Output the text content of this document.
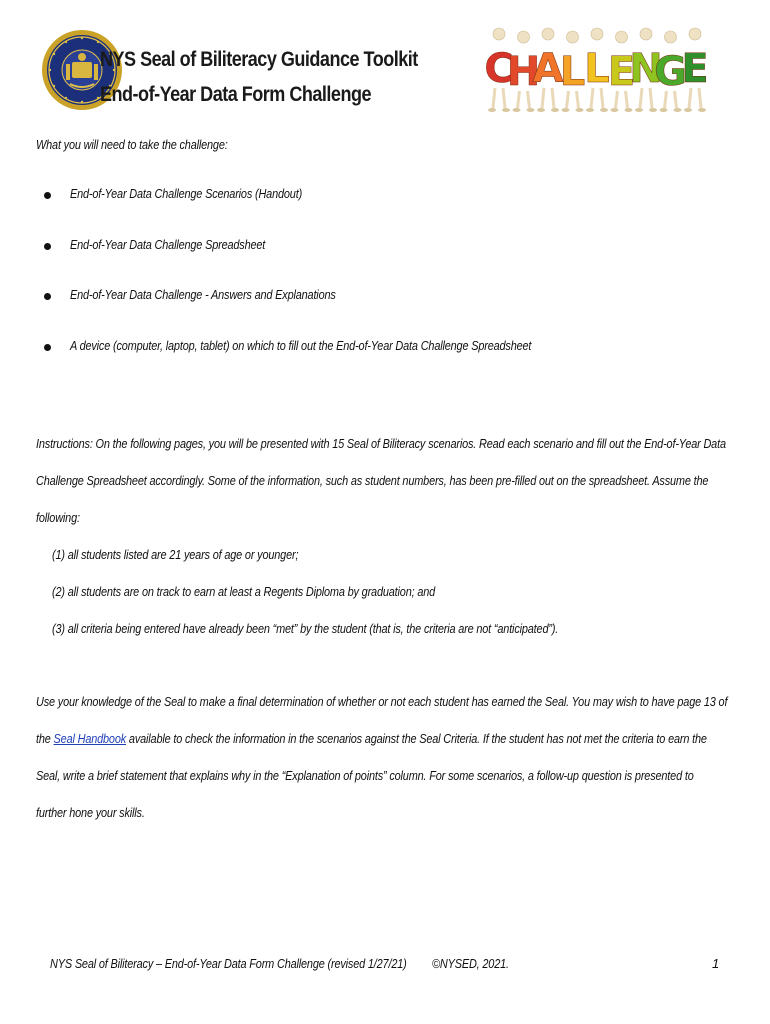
NYS Seal of Biliteracy Guidance Toolkit
End-of-Year Data Form Challenge
C
H
A
L L
E
N
G
E
What you will need to take the challenge:
End-of-Year Data Challenge Scenarios (Handout)
End-of-Year Data Challenge Spreadsheet
End-of-Year Data Challenge - Answers and Explanations
A device (computer, laptop, tablet) on which to fill out the End-of-Year Data Challenge Spreadsheet
Instructions: On the following pages, you will be presented with 15 Seal of Biliteracy scenarios. Read each scenario and fill out the End-of-Year Data
Challenge Spreadsheet accordingly. Some of the information, such as student numbers, has been pre-filled out on the spreadsheet. Assume the
following:
(1) all students listed are 21 years of age or younger;
(2) all students are on track to earn at least a Regents Diploma by graduation; and
(3) all criteria being entered have already been “met” by the student (that is, the criteria are not “anticipated”).
Use your knowledge of the Seal to make a final determination of whether or not each student has earned the Seal. You may wish to have page 13 of
the Seal Handbook available to check the information in the scenarios against the Seal Criteria. If the student has not met the criteria to earn the
Seal, write a brief statement that explains why in the “Explanation of points” column. For some scenarios, a follow-up question is presented to
further hone your skills.
NYS Seal of Biliteracy – End-of-Year Data Form Challenge (revised 1/27/21) ©NYSED, 2021.	1
